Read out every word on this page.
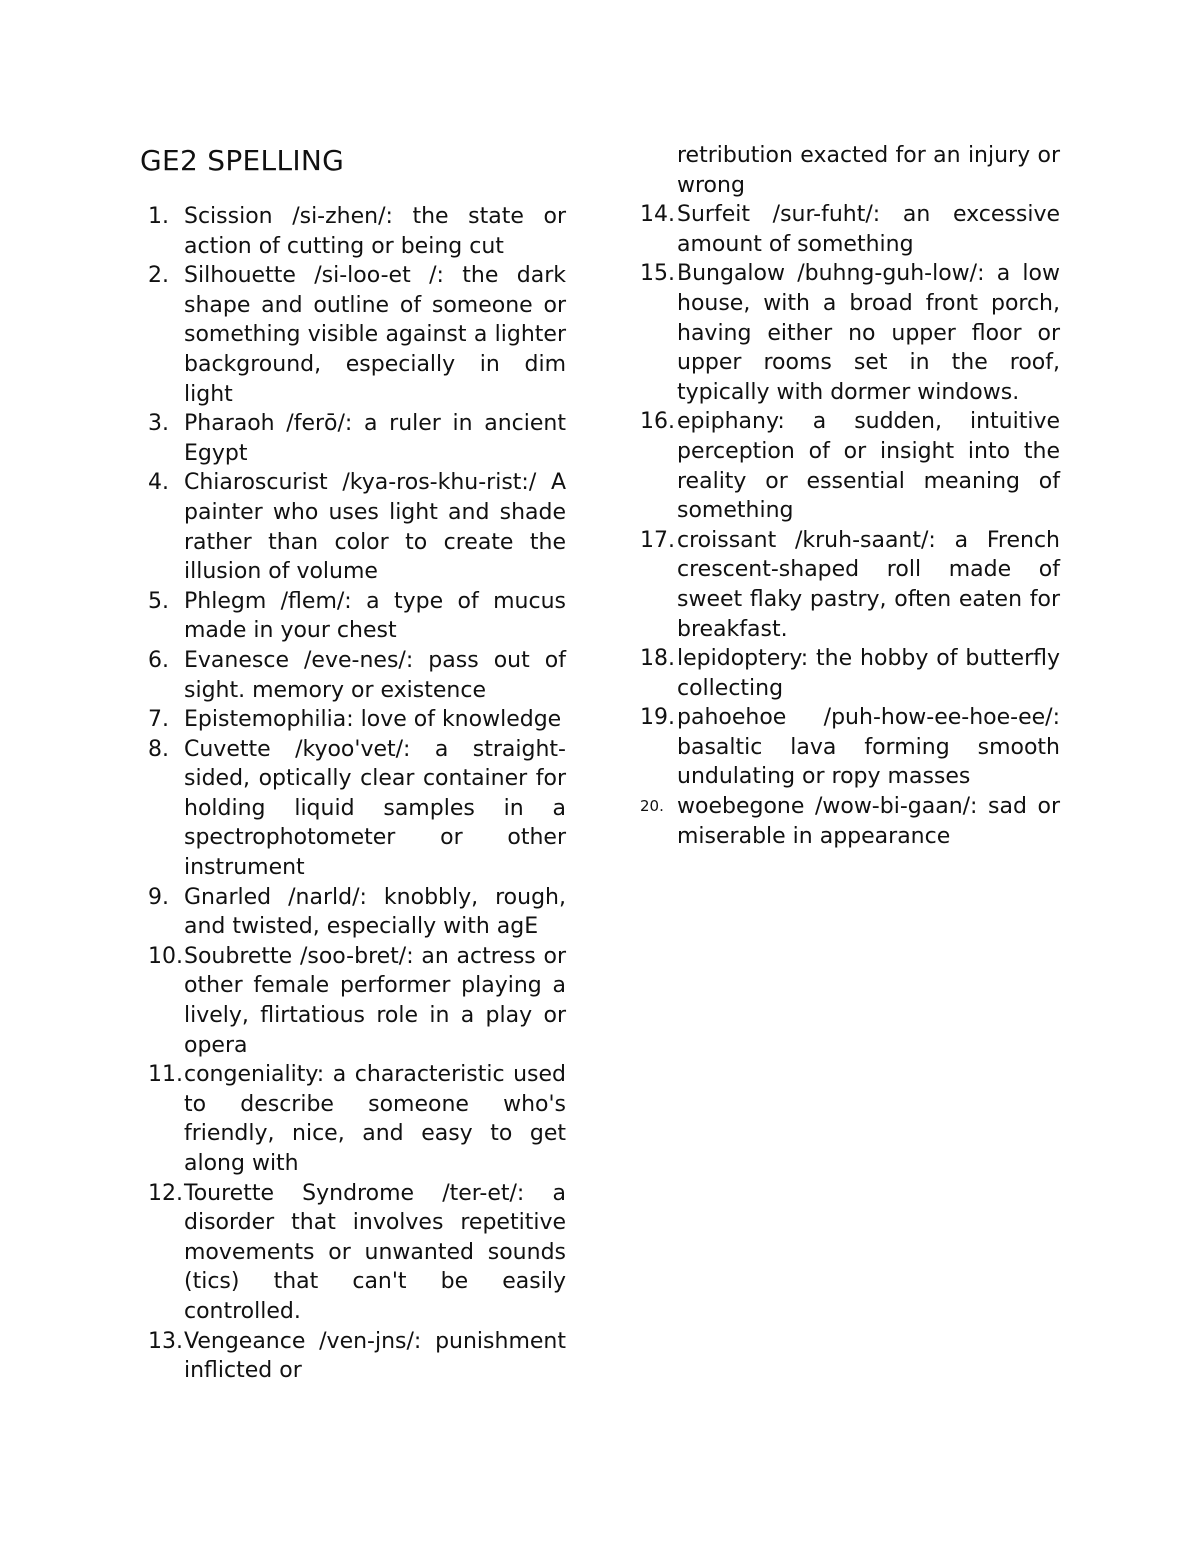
GE2 SPELLING
1. Scission /si-zhen/: the state or action of cutting or being cut
2. Silhouette /si-loo-et /: the dark shape and outline of someone or something visible against a lighter background, especially in dim light
3. Pharaoh /ferō/: a ruler in ancient Egypt
4. Chiaroscurist /kya-ros-khu-rist:/ A painter who uses light and shade rather than color to create the illusion of volume
5. Phlegm /flem/: a type of mucus made in your chest
6. Evanesce /eve-nes/: pass out of sight. memory or existence
7. Epistemophilia: love of knowledge
8. Cuvette /kyoo'vet/: a straight-sided, optically clear container for holding liquid samples in a spectrophotometer or other instrument
9. Gnarled /narld/: knobbly, rough, and twisted, especially with agE
10. Soubrette /soo-bret/: an actress or other female performer playing a lively, flirtatious role in a play or opera
11. congeniality: a characteristic used to describe someone who's friendly, nice, and easy to get along with
12. Tourette Syndrome /ter-et/: a disorder that involves repetitive movements or unwanted sounds (tics) that can't be easily controlled.
13. Vengeance /ven-jns/: punishment inflicted or
retribution exacted for an injury or wrong
14. Surfeit /sur-fuht/: an excessive amount of something
15. Bungalow /buhng-guh-low/: a low house, with a broad front porch, having either no upper floor or upper rooms set in the roof, typically with dormer windows.
16. epiphany: a sudden, intuitive perception of or insight into the reality or essential meaning of something
17. croissant /kruh-saant/: a French crescent-shaped roll made of sweet flaky pastry, often eaten for breakfast.
18. lepidoptery: the hobby of butterfly collecting
19. pahoehoe /puh-how-ee-hoe-ee/: basaltic lava forming smooth undulating or ropy masses
20. woebegone /wow-bi-gaan/: sad or miserable in appearance
